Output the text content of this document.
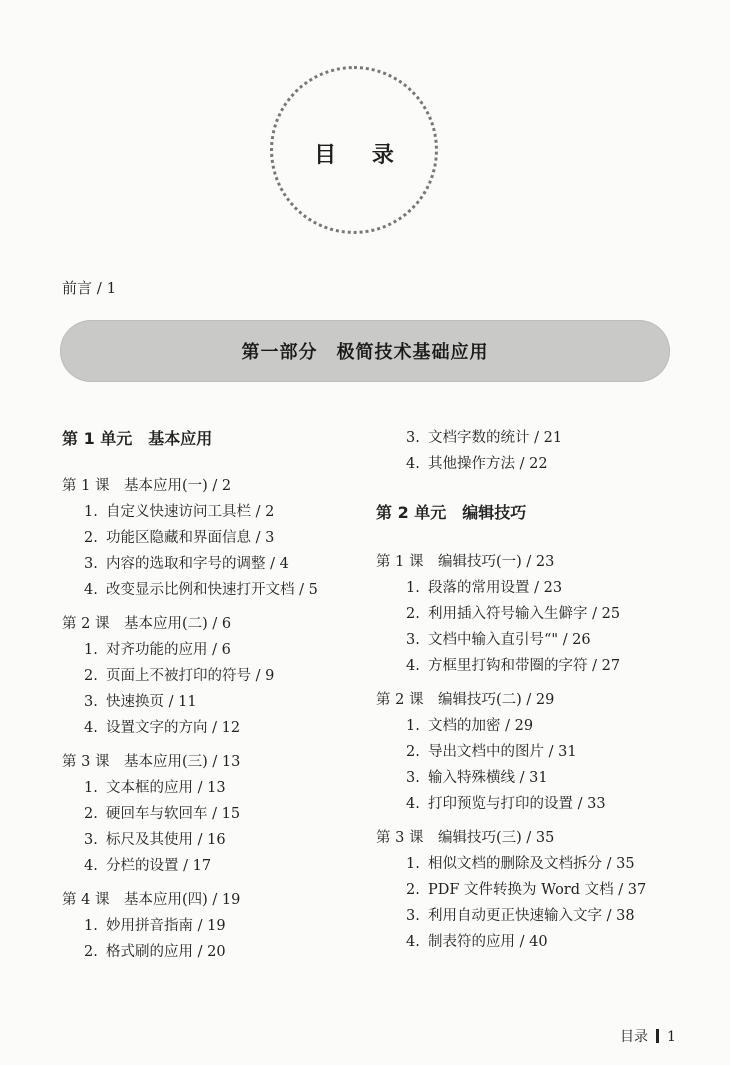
目 录
前言 / 1
第一部分　极简技术基础应用
第 1 单元　基本应用
第 1 课　基本应用(一) / 2
1. 自定义快速访问工具栏 / 2
2. 功能区隐藏和界面信息 / 3
3. 内容的选取和字号的调整 / 4
4. 改变显示比例和快速打开文档 / 5
第 2 课　基本应用(二) / 6
1. 对齐功能的应用 / 6
2. 页面上不被打印的符号 / 9
3. 快速换页 / 11
4. 设置文字的方向 / 12
第 3 课　基本应用(三) / 13
1. 文本框的应用 / 13
2. 硬回车与软回车 / 15
3. 标尺及其使用 / 16
4. 分栏的设置 / 17
第 4 课　基本应用(四) / 19
1. 妙用拼音指南 / 19
2. 格式刷的应用 / 20
3. 文档字数的统计 / 21
4. 其他操作方法 / 22
第 2 单元　编辑技巧
第 1 课　编辑技巧(一) / 23
1. 段落的常用设置 / 23
2. 利用插入符号输入生僻字 / 25
3. 文档中输入直引号“" / 26
4. 方框里打钩和带圈的字符 / 27
第 2 课　编辑技巧(二) / 29
1. 文档的加密 / 29
2. 导出文档中的图片 / 31
3. 输入特殊横线 / 31
4. 打印预览与打印的设置 / 33
第 3 课　编辑技巧(三) / 35
1. 相似文档的删除及文档拆分 / 35
2. PDF 文件转换为 Word 文档 / 37
3. 利用自动更正快速输入文字 / 38
4. 制表符的应用 / 40
目录 1
